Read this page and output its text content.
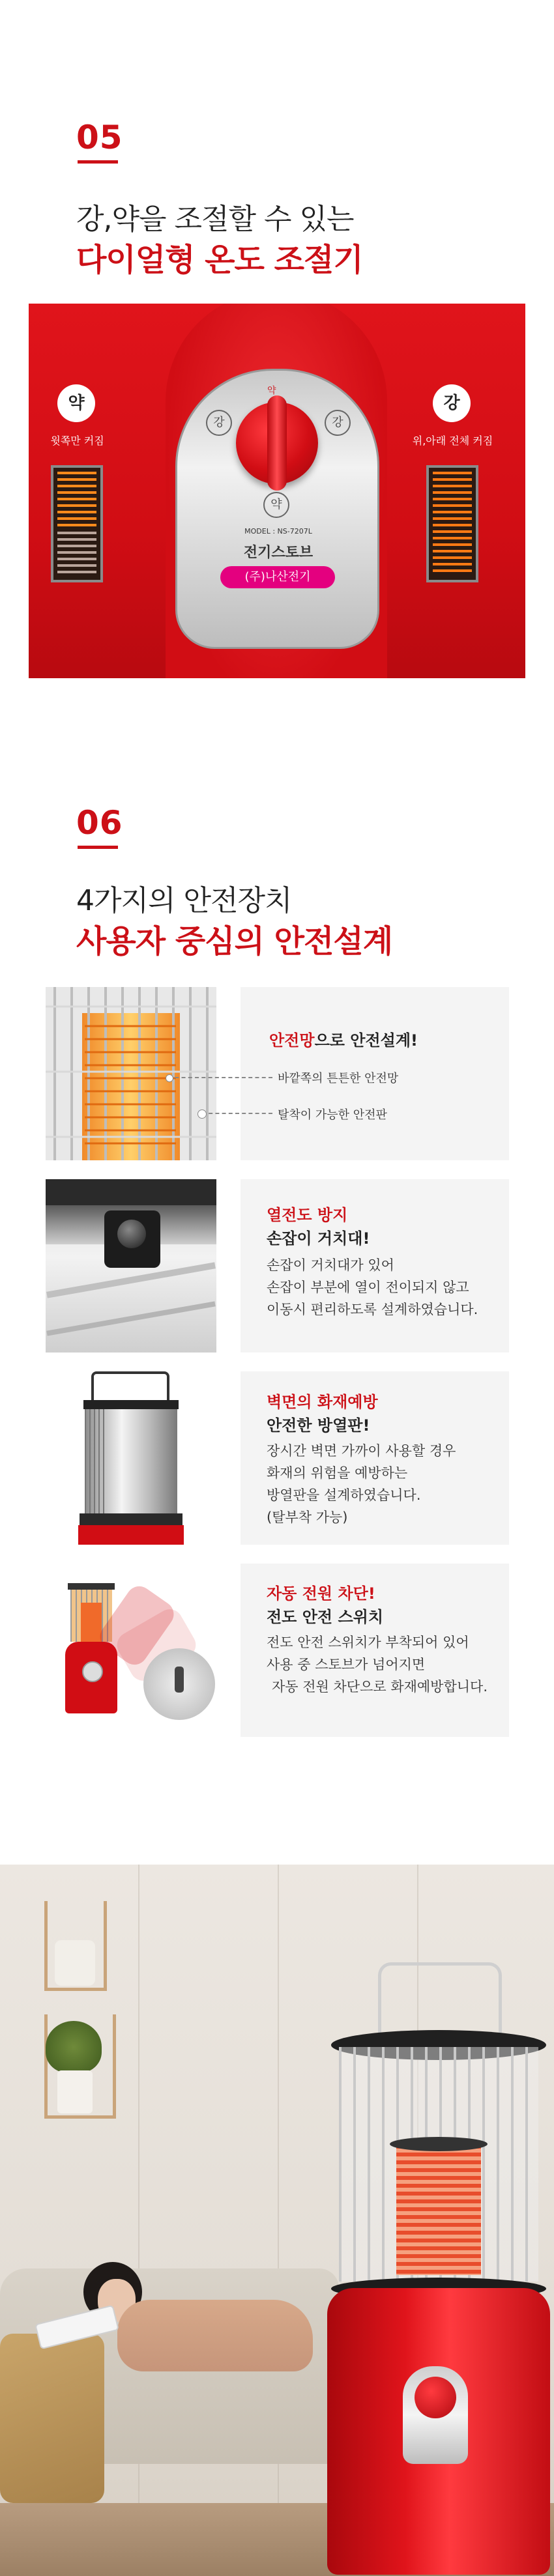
05
강,약을 조절할 수 있는
다이얼형 온도 조절기
약
윗쪽만 커짐
강
위,아래 전체 커짐
약
강	강
약
MODEL : NS-7207L
전기스토브
(주)나산전기
06
4가지의 안전장치
사용자 중심의 안전설계
안전망으로 안전설계!
바깥쪽의 튼튼한 안전망
탈착이 가능한 안전판
열전도 방지
손잡이 거치대!
손잡이 거치대가 있어
손잡이 부분에 열이 전이되지 않고
이동시 편리하도록 설계하였습니다.
벽면의 화재예방
안전한 방열판!
장시간 벽면 가까이 사용할 경우
화재의 위험을 예방하는
방열판을 설계하였습니다.
(탈부착 가능)
자동 전원 차단!
전도 안전 스위치
전도 안전 스위치가 부착되어 있어
사용 중 스토브가 넘어지면
자동 전원 차단으로 화재예방합니다.
